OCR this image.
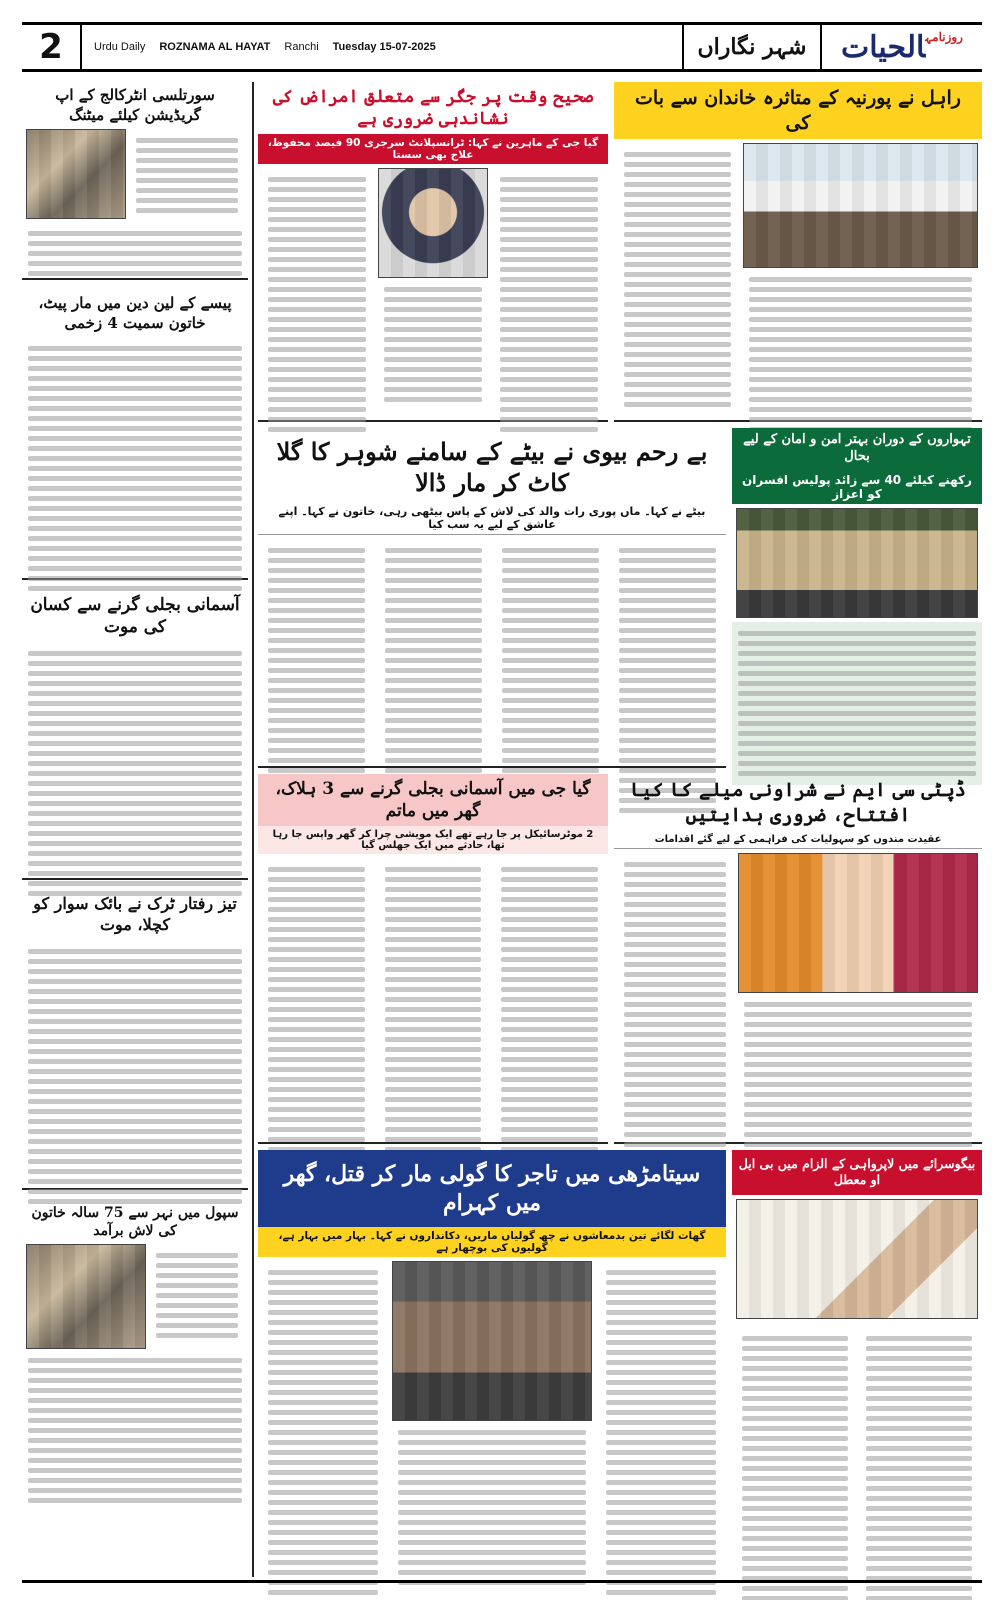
2	Urdu Daily ROZNAMA AL HAYAT Ranchi Tuesday 15-07-2025	شہر نگاراں	$^{روزنامہ}$الحیات
سورتلسی انٹرکالج کے اپ گریڈیشن کیلئے میٹنگ
پیسے کے لین دین میں مار پیٹ، خاتون سمیت 4 زخمی
آسمانی بجلی گرنے سے کسان کی موت
تیز رفتار ٹرک نے بائک سوار کو کچلا، موت
سپول میں نہر سے 75 سالہ خاتون کی لاش برآمد
صحیح وقت پر جگر سے متعلق امراض کی نشاندہی ضروری ہے
گیا جی کے ماہرین نے کہا: ٹرانسپلانٹ سرجری 90 فیصد محفوظ، علاج بھی سستا
راہل نے پورنیہ کے متاثرہ خاندان سے بات کی
بے رحم بیوی نے بیٹے کے سامنے شوہر کا گلا کاٹ کر مار ڈالا
بیٹے نے کہا۔ ماں پوری رات والد کی لاش کے پاس بیٹھی رہی، خاتون نے کہا۔ اپنے عاشق کے لیے یہ سب کیا
تہواروں کے دوران بہتر امن و امان کے لیے بحال
رکھنے کیلئے 40 سے زائد پولیس افسران کو اعزاز
گیا جی میں آسمانی بجلی گرنے سے 3 ہلاک، گھر میں ماتم
2 موٹرسائیکل پر جا رہے تھے ایک مویشی چرا کر گھر واپس جا رہا تھا، حادثے میں ایک جھلس گیا
ڈپٹی سی ایم نے شراونی میلے کا کیا افتتاح، ضروری ہدایتیں
عقیدت مندوں کو سہولیات کی فراہمی کے لیے گئے اقدامات
سیتامڑھی میں تاجر کا گولی مار کر قتل، گھر میں کہرام
گھات لگائے تین بدمعاشوں نے چھ گولیاں ماریں، دکانداروں نے کہا۔ بہار میں بہار ہے، گولیوں کی بوچھار ہے
بیگوسرائے میں لاپرواہی کے الزام میں بی ایل او معطل
